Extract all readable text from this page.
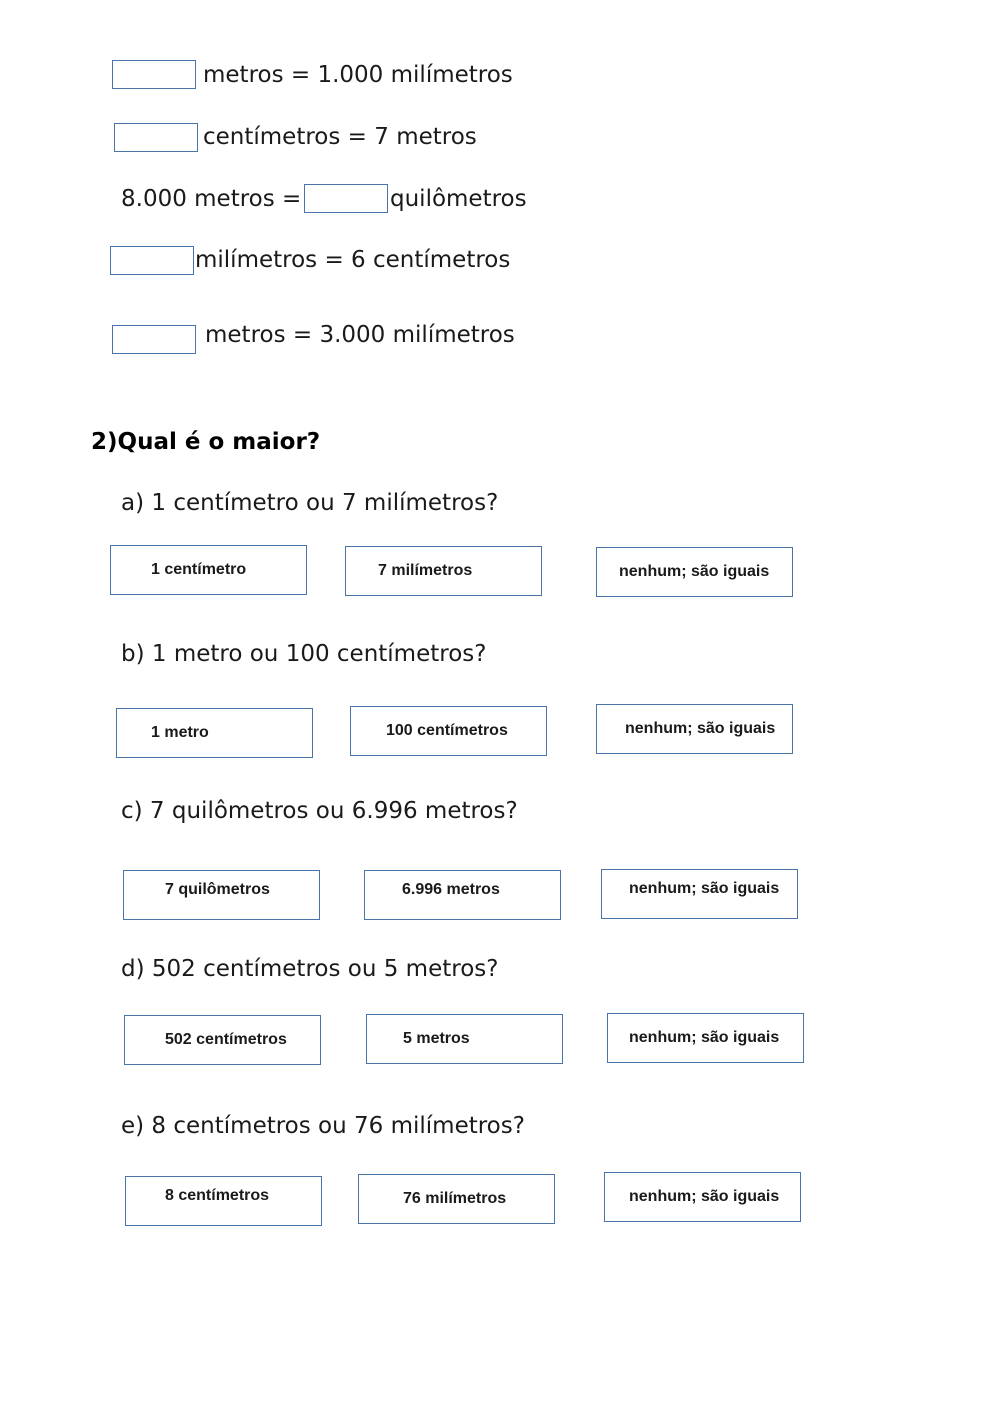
metros = 1.000 milímetros
centímetros = 7 metros
8.000 metros =	quilômetros
milímetros = 6 centímetros
metros = 3.000 milímetros
2)Qual é o maior?
a) 1 centímetro ou 7 milímetros?
1 centímetro	7 milímetros	nenhum; são iguais
b) 1 metro ou 100 centímetros?
1 metro	100 centímetros	nenhum; são iguais
c) 7 quilômetros ou 6.996 metros?
7 quilômetros	6.996 metros	nenhum; são iguais
d) 502 centímetros ou 5 metros?
502 centímetros	5 metros	nenhum; são iguais
e) 8 centímetros ou 76 milímetros?
8 centímetros	76 milímetros	nenhum; são iguais
